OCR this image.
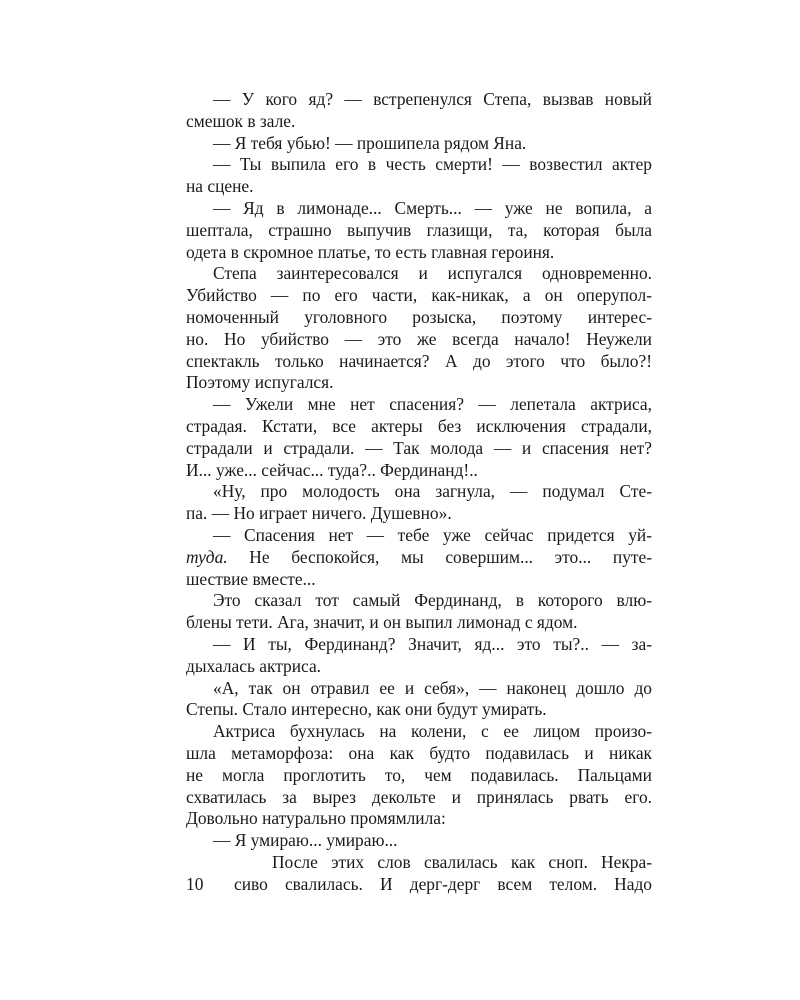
— У кого яд? — встрепенулся Степа, вызвав новый
смешок в зале.
— Я тебя убью! — прошипела рядом Яна.
— Ты выпила его в честь смерти! — возвестил актер
на сцене.
— Яд в лимонаде... Смерть... — уже не вопила, а
шептала, страшно выпучив глазищи, та, которая была
одета в скромное платье, то есть главная героиня.
Степа заинтересовался и испугался одновременно.
Убийство — по его части, как-никак, а он оперупол-
номоченный уголовного розыска, поэтому интерес-
но. Но убийство — это же всегда начало! Неужели
спектакль только начинается? А до этого что было?!
Поэтому испугался.
— Ужели мне нет спасения? — лепетала актриса,
страдая. Кстати, все актеры без исключения страдали,
страдали и страдали. — Так молода — и спасения нет?
И... уже... сейчас... туда?.. Фердинанд!..
«Ну, про молодость она загнула, — подумал Сте-
па. — Но играет ничего. Душевно».
— Спасения нет — тебе уже сейчас придется уй-
туда. Не беспокойся, мы совершим... это... путе-
шествие вместе...
Это сказал тот самый Фердинанд, в которого влю-
блены тети. Ага, значит, и он выпил лимонад с ядом.
— И ты, Фердинанд? Значит, яд... это ты?.. — за-
дыхалась актриса.
«А, так он отравил ее и себя», — наконец дошло до
Степы. Стало интересно, как они будут умирать.
Актриса бухнулась на колени, с ее лицом произо-
шла метаморфоза: она как будто подавилась и никак
не могла проглотить то, чем подавилась. Пальцами
схватилась за вырез декольте и принялась рвать его.
Довольно натурально промямлила:
— Я умираю... умираю...
После этих слов свалилась как сноп. Некра-
10	сиво свалилась. И дерг-дерг всем телом. Надо
